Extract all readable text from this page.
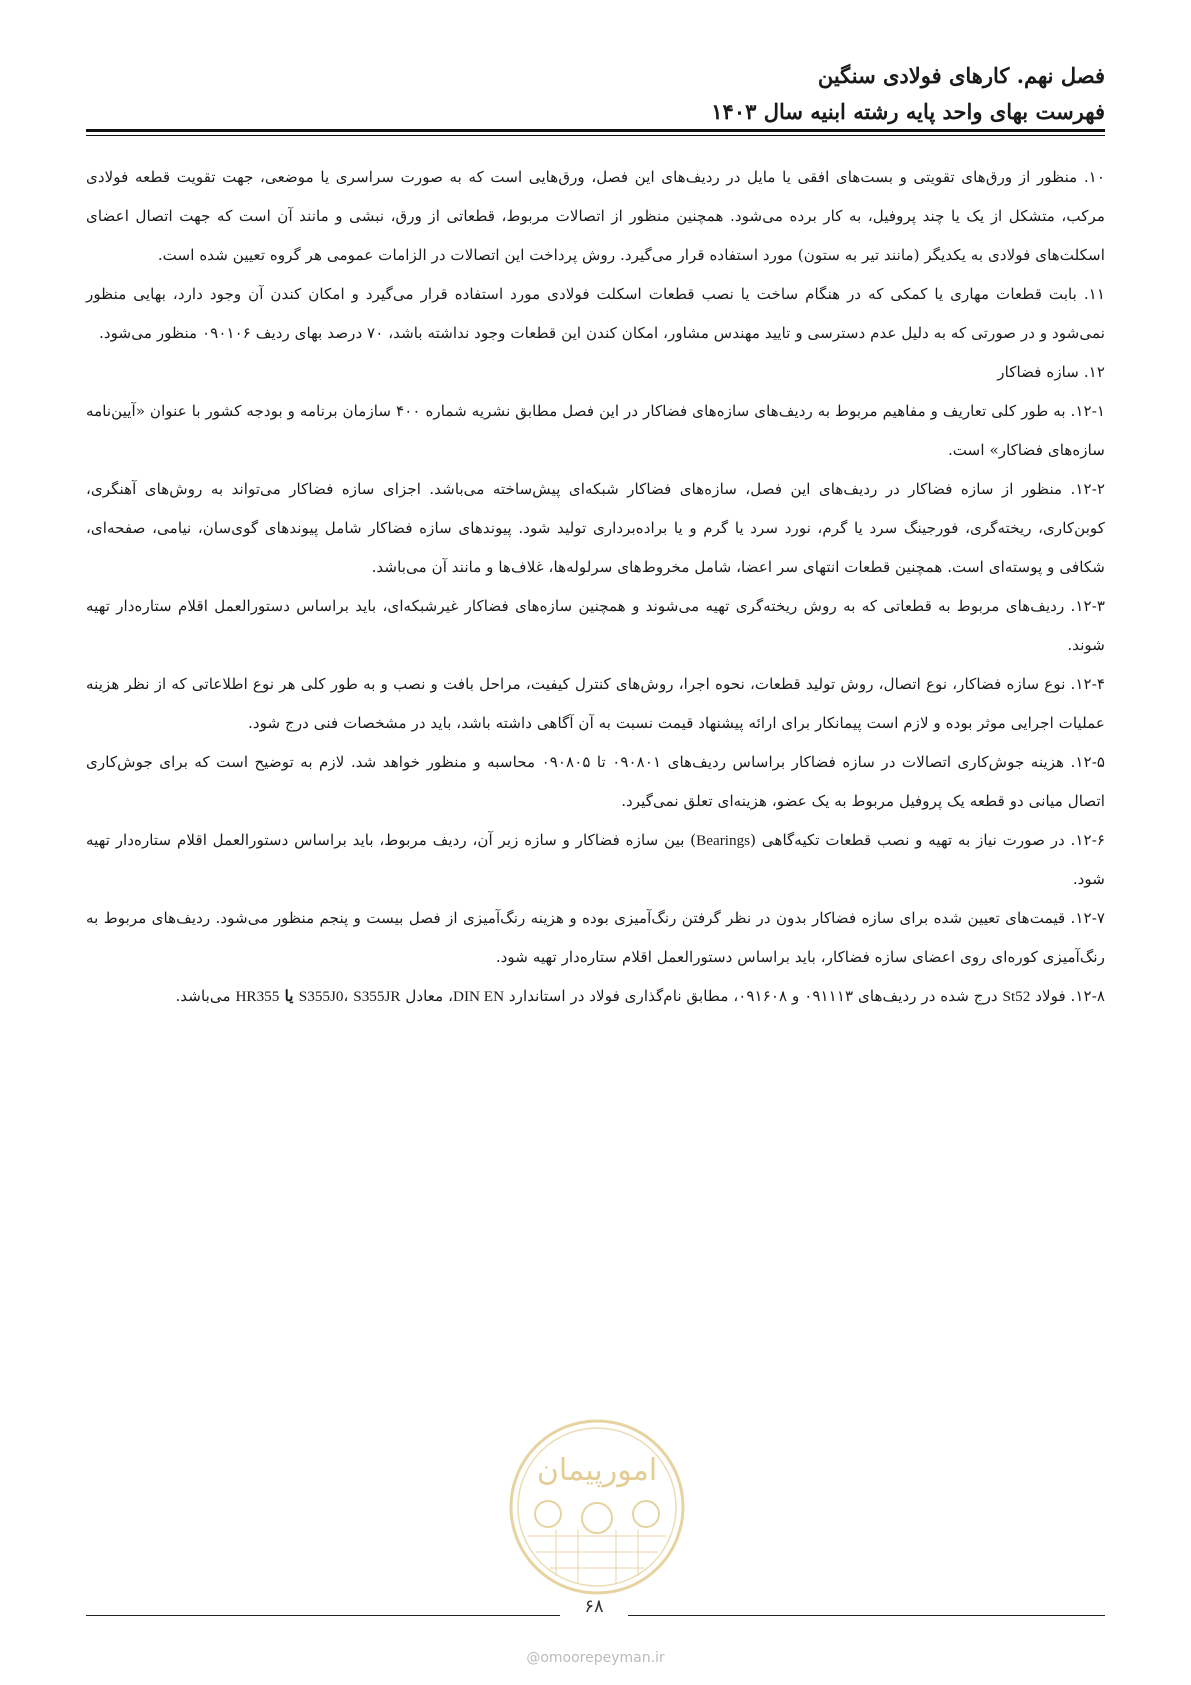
فصل نهم. کارهای فولادی سنگین
فهرست بهای واحد پایه رشته ابنیه سال ۱۴۰۳

۱۰. منظور از ورق‌های تقویتی و بست‌های افقی یا مایل در ردیف‌های این فصل، ورق‌هایی است که به صورت سراسری یا موضعی، جهت تقویت قطعه فولادی مرکب، متشکل از یک یا چند پروفیل، به کار برده می‌شود. همچنین منظور از اتصالات مربوط، قطعاتی از ورق، نبشی و مانند آن است که جهت اتصال اعضای اسکلت‌های فولادی به یکدیگر (مانند تیر به ستون) مورد استفاده قرار می‌گیرد. روش پرداخت این اتصالات در الزامات عمومی هر گروه تعیین شده است.

۱۱. بابت قطعات مهاری یا کمکی که در هنگام ساخت یا نصب قطعات اسکلت فولادی مورد استفاده قرار می‌گیرد و امکان کندن آن وجود دارد، بهایی منظور نمی‌شود و در صورتی که به دلیل عدم دسترسی و تایید مهندس مشاور، امکان کندن این قطعات وجود نداشته باشد، ۷۰ درصد بهای ردیف ۰۹۰۱۰۶ منظور می‌شود.

۱۲. سازه فضاکار

۱۲-۱. به طور کلی تعاریف و مفاهیم مربوط به ردیف‌های سازه‌های فضاکار در این فصل مطابق نشریه شماره ۴۰۰ سازمان برنامه و بودجه کشور با عنوان «آیین‌نامه سازه‌های فضاکار» است.

۱۲-۲. منظور از سازه فضاکار در ردیف‌های این فصل، سازه‌های فضاکار شبکه‌ای پیش‌ساخته می‌باشد. اجزای سازه فضاکار می‌تواند به روش‌های آهنگری، کوبن‌کاری، ریخته‌گری، فورجینگ سرد یا گرم، نورد سرد یا گرم و یا براده‌برداری تولید شود. پیوندهای سازه فضاکار شامل پیوندهای گوی‌سان، نیامی، صفحه‌ای، شکافی و پوسته‌ای است. همچنین قطعات انتهای سر اعضا، شامل مخروط‌های سرلوله‌ها، غلاف‌ها و مانند آن می‌باشد.

۱۲-۳. ردیف‌های مربوط به قطعاتی که به روش ریخته‌گری تهیه می‌شوند و همچنین سازه‌های فضاکار غیرشبکه‌ای، باید براساس دستورالعمل اقلام ستاره‌دار تهیه شوند.

۱۲-۴. نوع سازه فضاکار، نوع اتصال، روش تولید قطعات، نحوه اجرا، روش‌های کنترل کیفیت، مراحل بافت و نصب و به طور کلی هر نوع اطلاعاتی که از نظر هزینه عملیات اجرایی موثر بوده و لازم است پیمانکار برای ارائه پیشنهاد قیمت نسبت به آن آگاهی داشته باشد، باید در مشخصات فنی درج شود.

۱۲-۵. هزینه جوش‌کاری اتصالات در سازه فضاکار براساس ردیف‌های ۰۹۰۸۰۱ تا ۰۹۰۸۰۵ محاسبه و منظور خواهد شد. لازم به توضیح است که برای جوش‌کاری اتصال میانی دو قطعه یک پروفیل مربوط به یک عضو، هزینه‌ای تعلق نمی‌گیرد.

۱۲-۶. در صورت نیاز به تهیه و نصب قطعات تکیه‌گاهی (Bearings) بین سازه فضاکار و سازه زیر آن، ردیف مربوط، باید براساس دستورالعمل اقلام ستاره‌دار تهیه شود.

۱۲-۷. قیمت‌های تعیین شده برای سازه فضاکار بدون در نظر گرفتن رنگ‌آمیزی بوده و هزینه رنگ‌آمیزی از فصل بیست و پنجم منظور می‌شود. ردیف‌های مربوط به رنگ‌آمیزی کوره‌ای روی اعضای سازه فضاکار، باید براساس دستورالعمل اقلام ستاره‌دار تهیه شود.

۱۲-۸. فولاد St52 درج شده در ردیف‌های ۰۹۱۱۱۳ و ۰۹۱۶۰۸، مطابق نام‌گذاری فولاد در استاندارد DIN EN، معادل S355J0، S355JR یا HR355 می‌باشد.

امورپیمان
۶۸
@omoorepeyman.ir
